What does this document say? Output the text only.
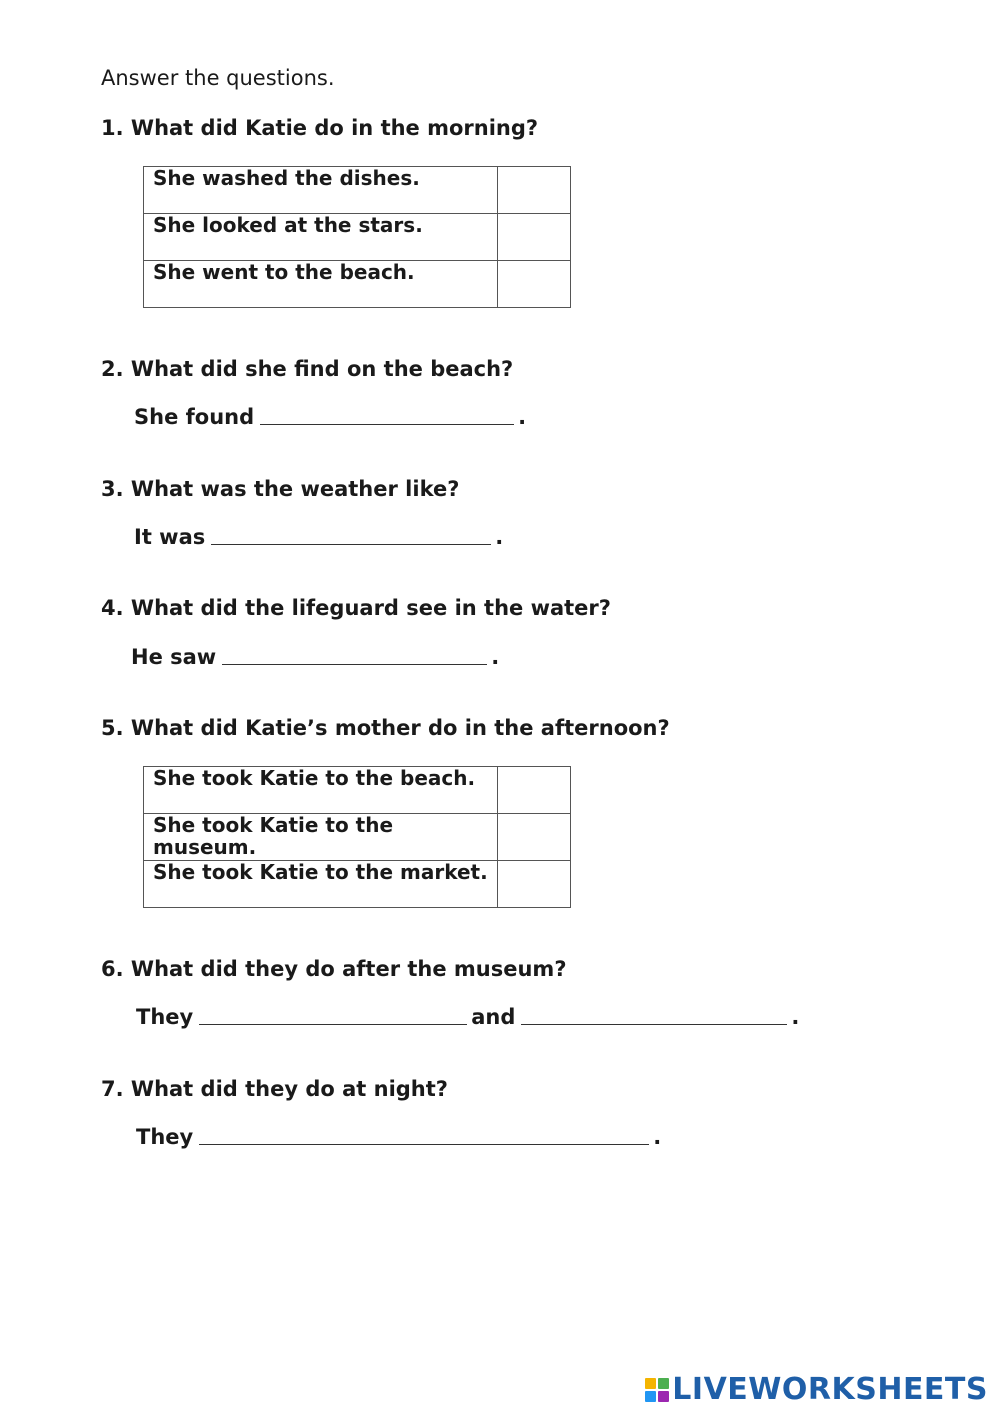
Answer the questions.
1. What did Katie do in the morning?
She washed the dishes.	
She looked at the stars.	
She went to the beach.	
2. What did she find on the beach?
She found	.
3. What was the weather like?
It was	.
4. What did the lifeguard see in the water?
He saw	.
5. What did Katie’s mother do in the afternoon?
She took Katie to the beach.	
She took Katie to the museum.	
She took Katie to the market.	
6. What did they do after the museum?
They	and	.
7. What did they do at night?
They	.
LIVEWORKSHEETS
